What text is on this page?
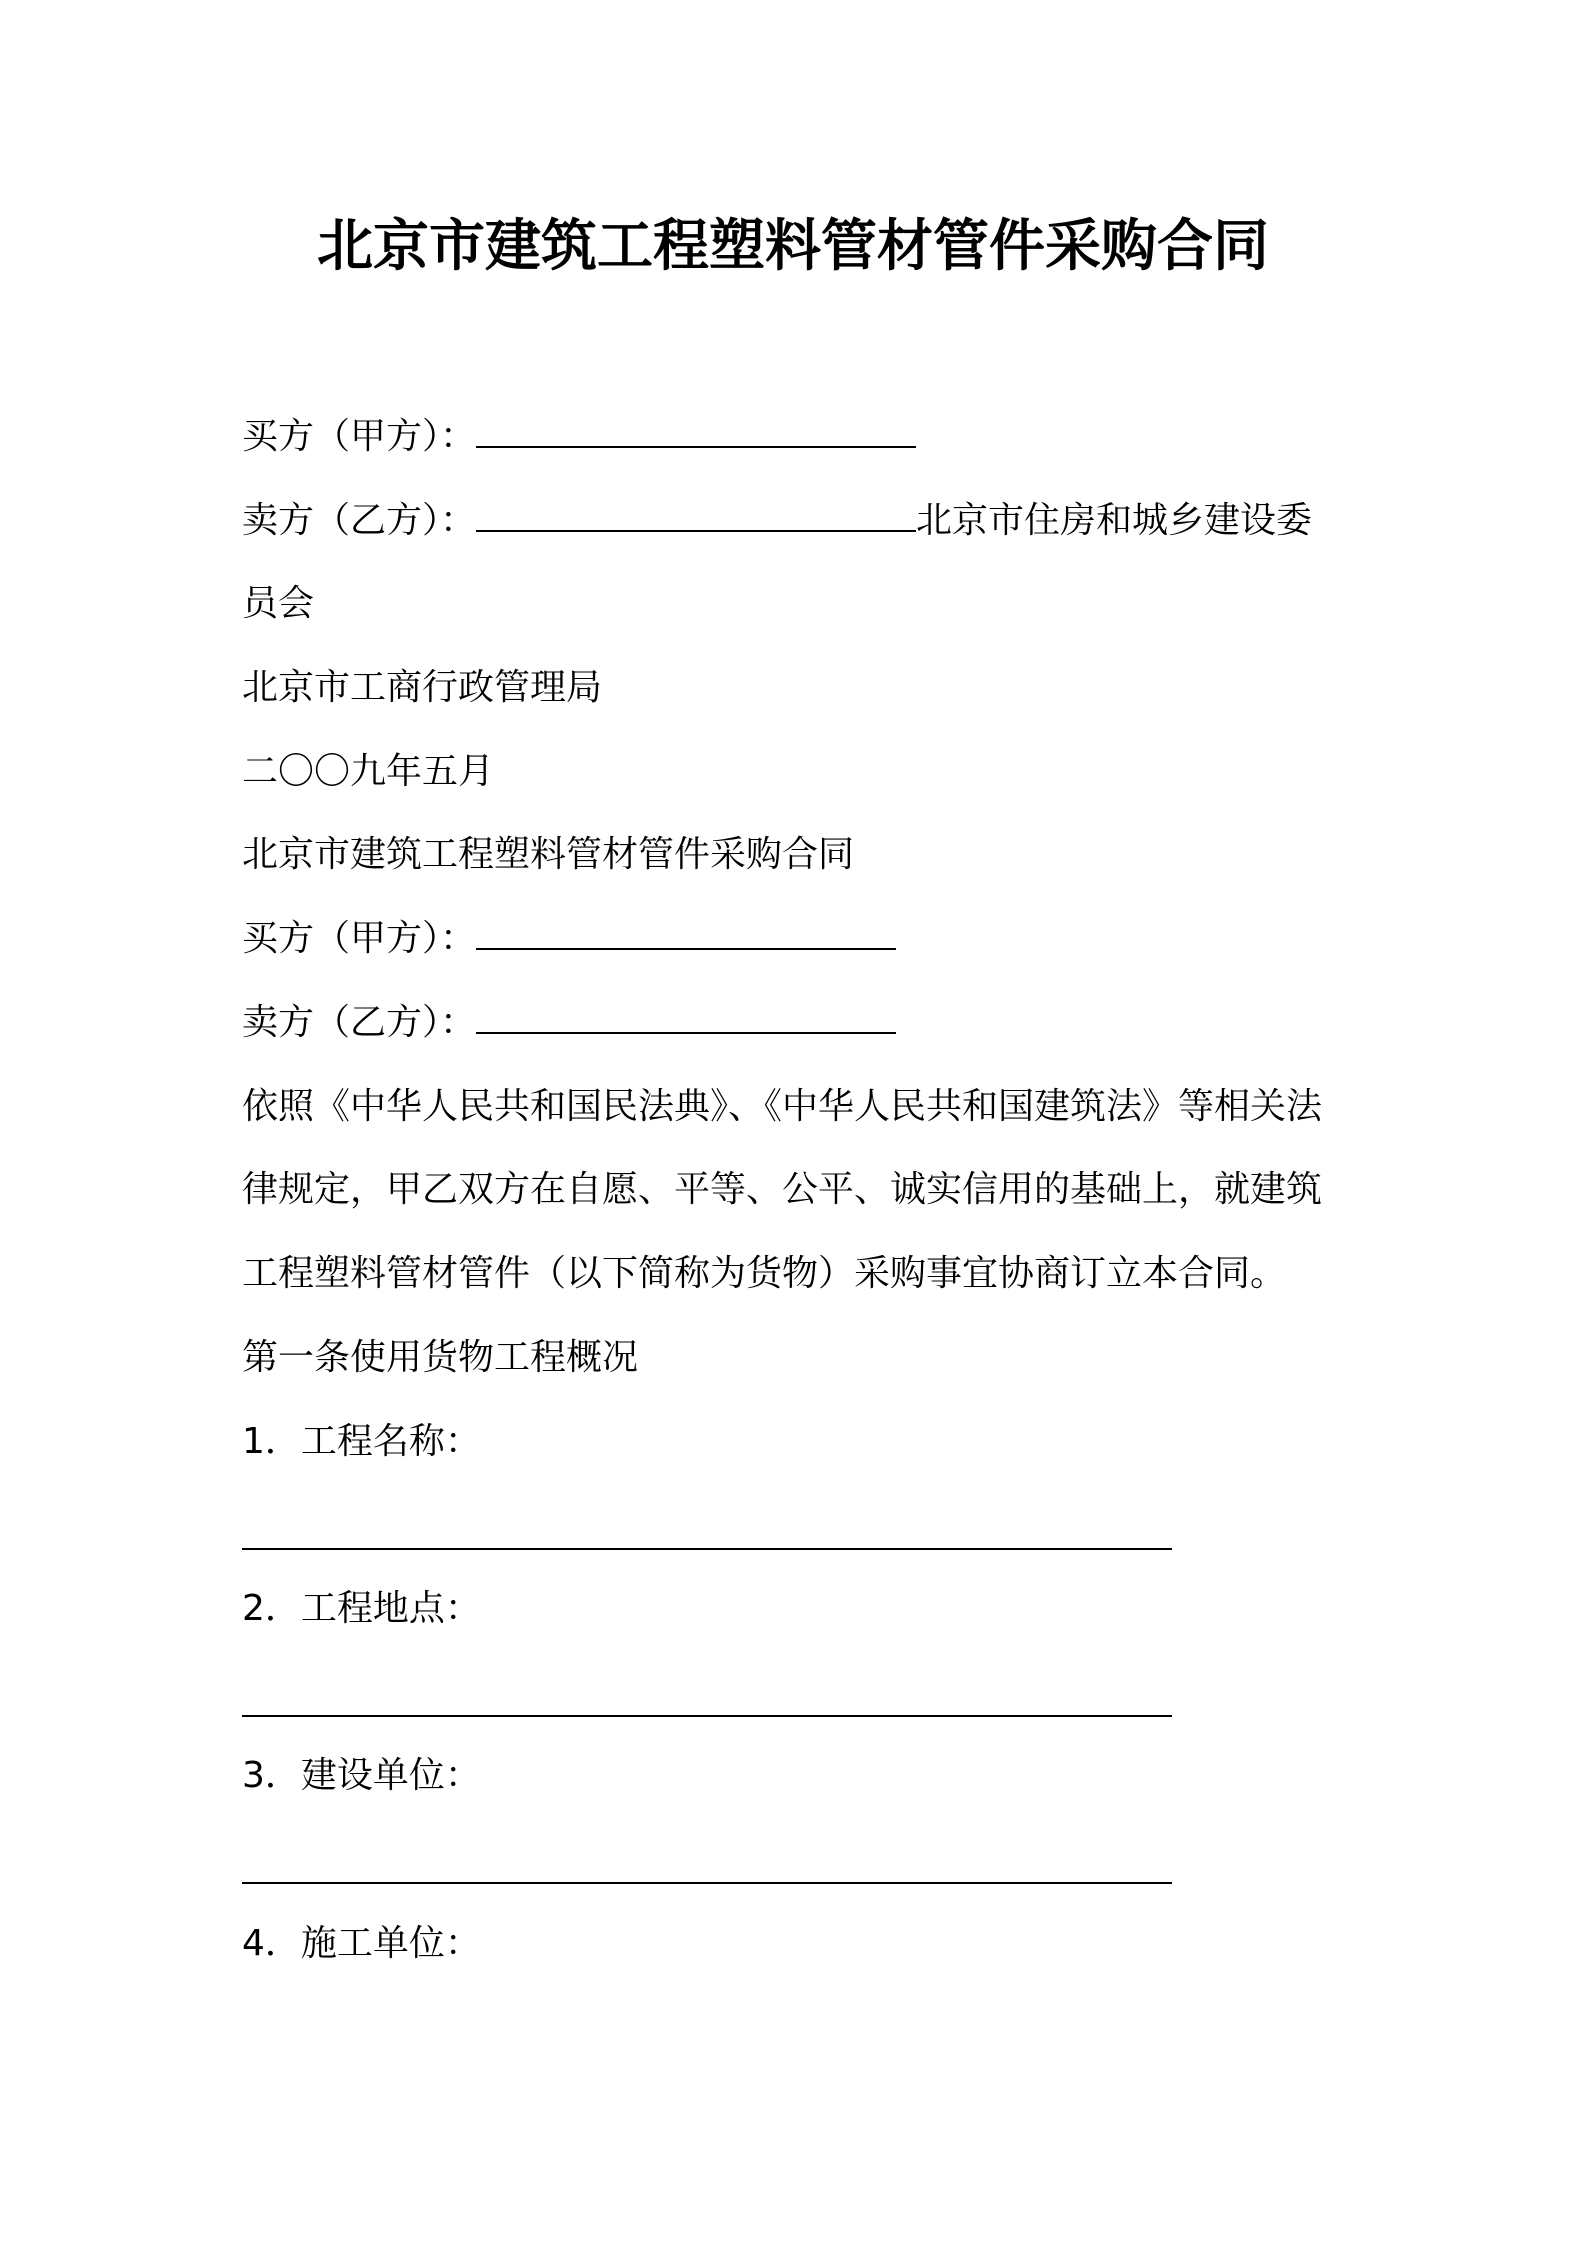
北京市建筑工程塑料管材管件采购合同
买方（甲方）：
卖方（乙方）：	北京市住房和城乡建设委
员会
北京市工商行政管理局
二〇〇九年五月
北京市建筑工程塑料管材管件采购合同
买方（甲方）：
卖方（乙方）：
依照《中华人民共和国民法典》、《中华人民共和国建筑法》等相关法
律规定，甲乙双方在自愿、平等、公平、诚实信用的基础上，就建筑
工程塑料管材管件（以下简称为货物）采购事宜协商订立本合同。
第一条使用货物工程概况
1．工程名称：
2．工程地点：
3．建设单位：
4．施工单位：
